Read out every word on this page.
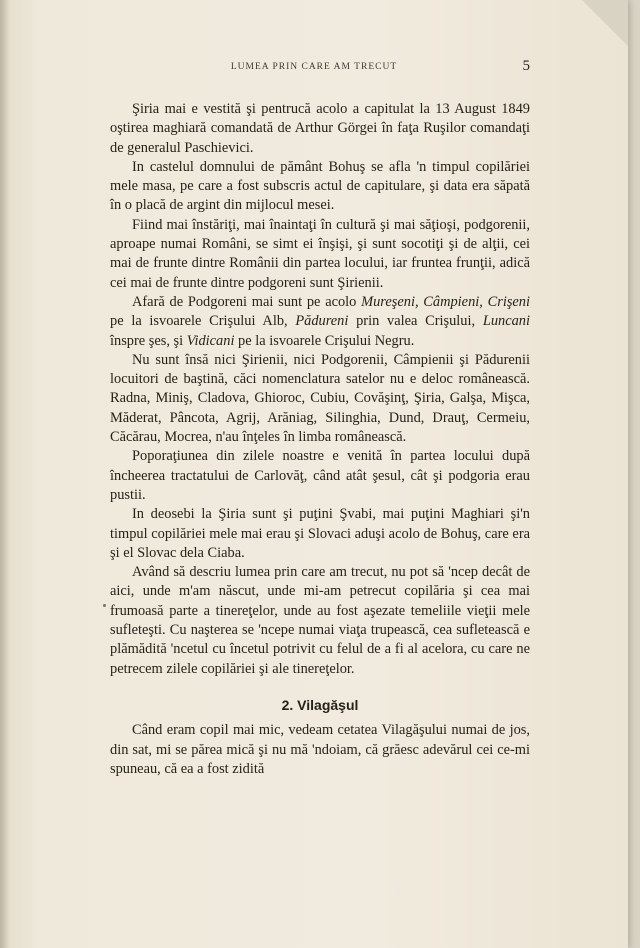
LUMEA PRIN CARE AM TRECUT	5

Şiria mai e vestită şi pentrucă acolo a capitulat la 13 August 1849 oştirea maghiară comandată de Arthur Görgei în faţa Ruşilor comandaţi de generalul Paschievici.

In castelul domnului de pământ Bohuş se afla 'n timpul copilăriei mele masa, pe care a fost subscris actul de capitulare, şi data era săpată în o placă de argint din mijlocul mesei.

Fiind mai înstăriţi, mai înaintaţi în cultură şi mai săţioşi, podgorenii, aproape numai Români, se simt ei înşişi, şi sunt socotiţi şi de alţii, cei mai de frunte dintre Românii din partea locului, iar fruntea frunţii, adică cei mai de frunte dintre podgoreni sunt Şirienii.

Afară de Podgoreni mai sunt pe acolo Mureşeni, Câmpieni, Crişeni pe la isvoarele Crişului Alb, Pădureni prin valea Crişului, Luncani înspre şes, şi Vidicani pe la isvoarele Crişului Negru.

Nu sunt însă nici Şirienii, nici Podgorenii, Câmpienii şi Pădurenii locuitori de baştină, căci nomenclatura satelor nu e deloc românească. Radna, Miniş, Cladova, Ghioroc, Cubiu, Covăşinţ, Şiria, Galşa, Mişca, Măderat, Pâncota, Agrij, Arăniag, Silinghia, Dund, Drauţ, Cermeiu, Căcărau, Mocrea, n'au înţeles în limba românească.

Poporaţiunea din zilele noastre e venită în partea locului după încheerea tractatului de Carlovăţ, când atât şesul, cât şi podgoria erau pustii.

In deosebi la Şiria sunt şi puţini Şvabi, mai puţini Maghiari şi'n timpul copilăriei mele mai erau şi Slovaci aduşi acolo de Bohuş, care era şi el Slovac dela Ciaba.

Având să descriu lumea prin care am trecut, nu pot să 'ncep decât de aici, unde m'am născut, unde mi-am petrecut copilăria şi cea mai frumoasă parte a tinereţelor, unde au fost aşezate temeliile vieţii mele sufleteşti. Cu naşterea se 'ncepe numai viaţa trupească, cea sufletească e plămădită 'ncetul cu încetul potrivit cu felul de a fi al acelora, cu care ne petrecem zilele copilăriei şi ale tinereţelor.

2. Vilagăşul

Când eram copil mai mic, vedeam cetatea Vilagăşului numai de jos, din sat, mi se părea mică şi nu mă 'ndoiam, că grăesc adevărul cei ce-mi spuneau, că ea a fost zidită
